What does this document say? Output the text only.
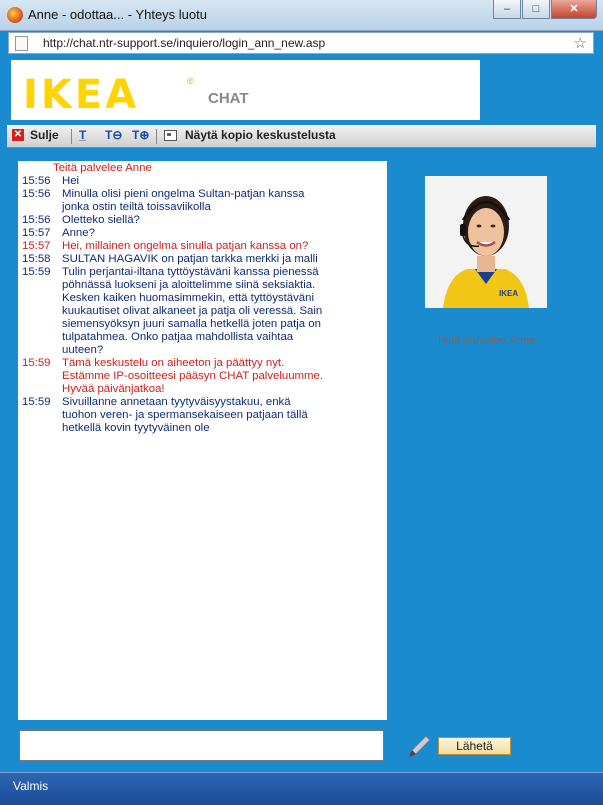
Anne - odottaa... - Yhteys luotu	–	□	✕
http://chat.ntr-support.se/inquiero/login_ann_new.asp	☆
IKEA	®
CHAT
✕ Sulje T̲ T⊖ T⊕	Näytä kopio keskustelusta
Teitä palvelee Anne
15:56	Hei
15:56	Minulla olisi pieni ongelma Sultan-patjan kanssa
jonka ostin teiltä toissaviikolla
15:56	Oletteko siellä?
15:57	Anne?
15:57	Hei, millainen ongelma sinulla patjan kanssa on?
15:58	SULTAN HAGAVIK on patjan tarkka merkki ja malli
15:59	Tulin perjantai-iltana tyttöystäväni kanssa pienessä
pöhnässä luokseni ja aloittelimme siinä seksiaktia.
Kesken kaiken huomasimmekin, että tyttöystäväni
kuukautiset olivat alkaneet ja patja oli veressä. Sain
siemensyöksyn juuri samalla hetkellä joten patja on
tulpatahmea. Onko patjaa mahdollista vaihtaa
uuteen?
15:59	Tämä keskustelu on aiheeton ja päättyy nyt.
Estämme IP-osoitteesi pääsyn CHAT palveluumme.
Hyvää päivänjatkoa!
15:59	Sivuillanne annetaan tyytyväisyystakuu, enkä
tuohon veren- ja spermansekaiseen patjaan tällä
hetkellä kovin tyytyväinen ole
IKEA
Teitä palvelee Anne
Lähetä
Valmis
